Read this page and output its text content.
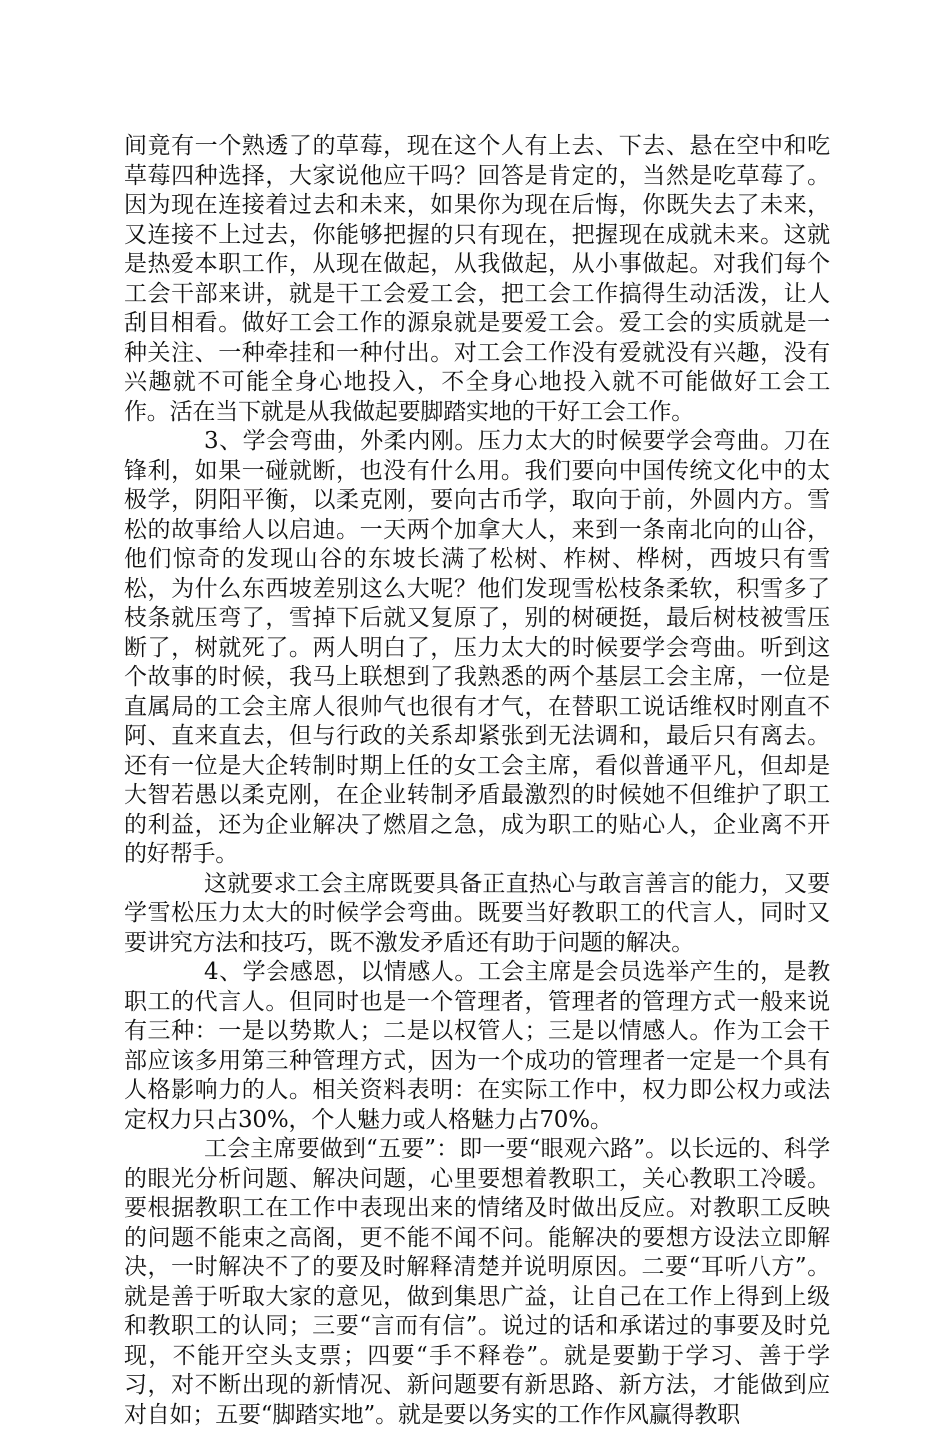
间竟有一个熟透了的草莓，现在这个人有上去、下去、悬在空中和吃草莓四种选择，大家说他应干吗？回答是肯定的，当然是吃草莓了。因为现在连接着过去和未来，如果你为现在后悔，你既失去了未来，又连接不上过去，你能够把握的只有现在，把握现在成就未来。这就是热爱本职工作，从现在做起，从我做起，从小事做起。对我们每个工会干部来讲，就是干工会爱工会，把工会工作搞得生动活泼，让人刮目相看。做好工会工作的源泉就是要爱工会。爱工会的实质就是一种关注、一种牵挂和一种付出。对工会工作没有爱就没有兴趣，没有兴趣就不可能全身心地投入，不全身心地投入就不可能做好工会工作。活在当下就是从我做起要脚踏实地的干好工会工作。

3、学会弯曲，外柔内刚。压力太大的时候要学会弯曲。刀在锋利，如果一碰就断，也没有什么用。我们要向中国传统文化中的太极学，阴阳平衡，以柔克刚，要向古币学，取向于前，外圆内方。雪松的故事给人以启迪。一天两个加拿大人，来到一条南北向的山谷，他们惊奇的发现山谷的东坡长满了松树、柞树、桦树，西坡只有雪松，为什么东西坡差别这么大呢？他们发现雪松枝条柔软，积雪多了枝条就压弯了，雪掉下后就又复原了，别的树硬挺，最后树枝被雪压断了，树就死了。两人明白了，压力太大的时候要学会弯曲。听到这个故事的时候，我马上联想到了我熟悉的两个基层工会主席，一位是直属局的工会主席人很帅气也很有才气，在替职工说话维权时刚直不阿、直来直去，但与行政的关系却紧张到无法调和，最后只有离去。还有一位是大企转制时期上任的女工会主席，看似普通平凡，但却是大智若愚以柔克刚，在企业转制矛盾最激烈的时候她不但维护了职工的利益，还为企业解决了燃眉之急，成为职工的贴心人，企业离不开的好帮手。

这就要求工会主席既要具备正直热心与敢言善言的能力，又要学雪松压力太大的时候学会弯曲。既要当好教职工的代言人，同时又要讲究方法和技巧，既不激发矛盾还有助于问题的解决。

4、学会感恩，以情感人。工会主席是会员选举产生的，是教职工的代言人。但同时也是一个管理者，管理者的管理方式一般来说有三种：一是以势欺人；二是以权管人；三是以情感人。作为工会干部应该多用第三种管理方式，因为一个成功的管理者一定是一个具有人格影响力的人。相关资料表明：在实际工作中，权力即公权力或法定权力只占30%，个人魅力或人格魅力占70%。

工会主席要做到“五要”：即一要“眼观六路”。以长远的、科学的眼光分析问题、解决问题，心里要想着教职工，关心教职工冷暖。要根据教职工在工作中表现出来的情绪及时做出反应。对教职工反映的问题不能束之高阁，更不能不闻不问。能解决的要想方设法立即解决，一时解决不了的要及时解释清楚并说明原因。二要“耳听八方”。就是善于听取大家的意见，做到集思广益，让自己在工作上得到上级和教职工的认同；三要“言而有信”。说过的话和承诺过的事要及时兑现，不能开空头支票；四要“手不释卷”。就是要勤于学习、善于学习，对不断出现的新情况、新问题要有新思路、新方法，才能做到应对自如；五要“脚踏实地”。就是要以务实的工作作风赢得教职
